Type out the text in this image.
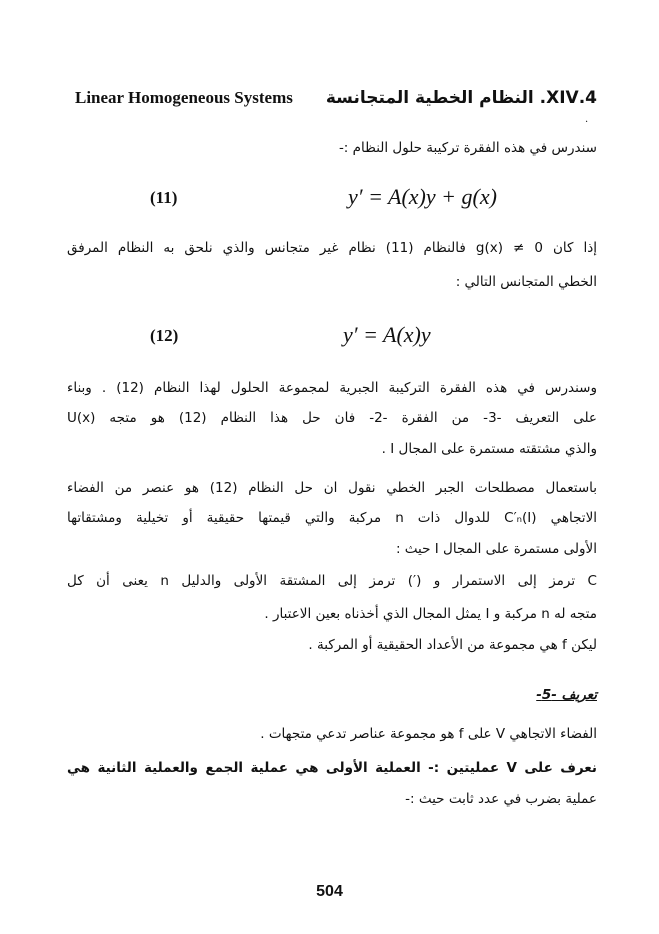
Linear Homogeneous Systems 4.XIV. النظام الخطية المتجانسة
.
سندرس في هذه الفقرة تركيبة حلول النظام :-
(11)	y′ = A(x)y + g(x)
إذا كان g(x) ≠ 0 فالنظام (11) نظام غير متجانس والذي نلحق به النظام المرفق
الخطي المتجانس التالي :
(12)	y′ = A(x)y
وسندرس في هذه الفقرة التركيبة الجبرية لمجموعة الحلول لهذا النظام (12) . وبناء
على التعريف -3- من الفقرة -2- فان حل هذا النظام (12) هو متجه U(x)
والذي مشتقته مستمرة على المجال I .
باستعمال مصطلحات الجبر الخطي نقول ان حل النظام (12) هو عنصر من الفضاء
الاتجاهي C′ₙ(I) للدوال ذات n مركبة والتي قيمتها حقيقية أو تخيلية ومشتقاتها
الأولى مستمرة على المجال I حيث :
C ترمز إلى الاستمرار و (′) ترمز إلى المشتقة الأولى والدليل n يعنى أن كل
متجه له n مركبة و I يمثل المجال الذي أخذناه بعين الاعتبار .
ليكن f هي مجموعة من الأعداد الحقيقية أو المركبة .
تعريف -5-
الفضاء الاتجاهي V على f هو مجموعة عناصر تدعي متجهات .
نعرف على V عمليتين :- العملية الأولى هي عملية الجمع والعملية الثانية هي
عملية بضرب في عدد ثابت حيث :-
504
